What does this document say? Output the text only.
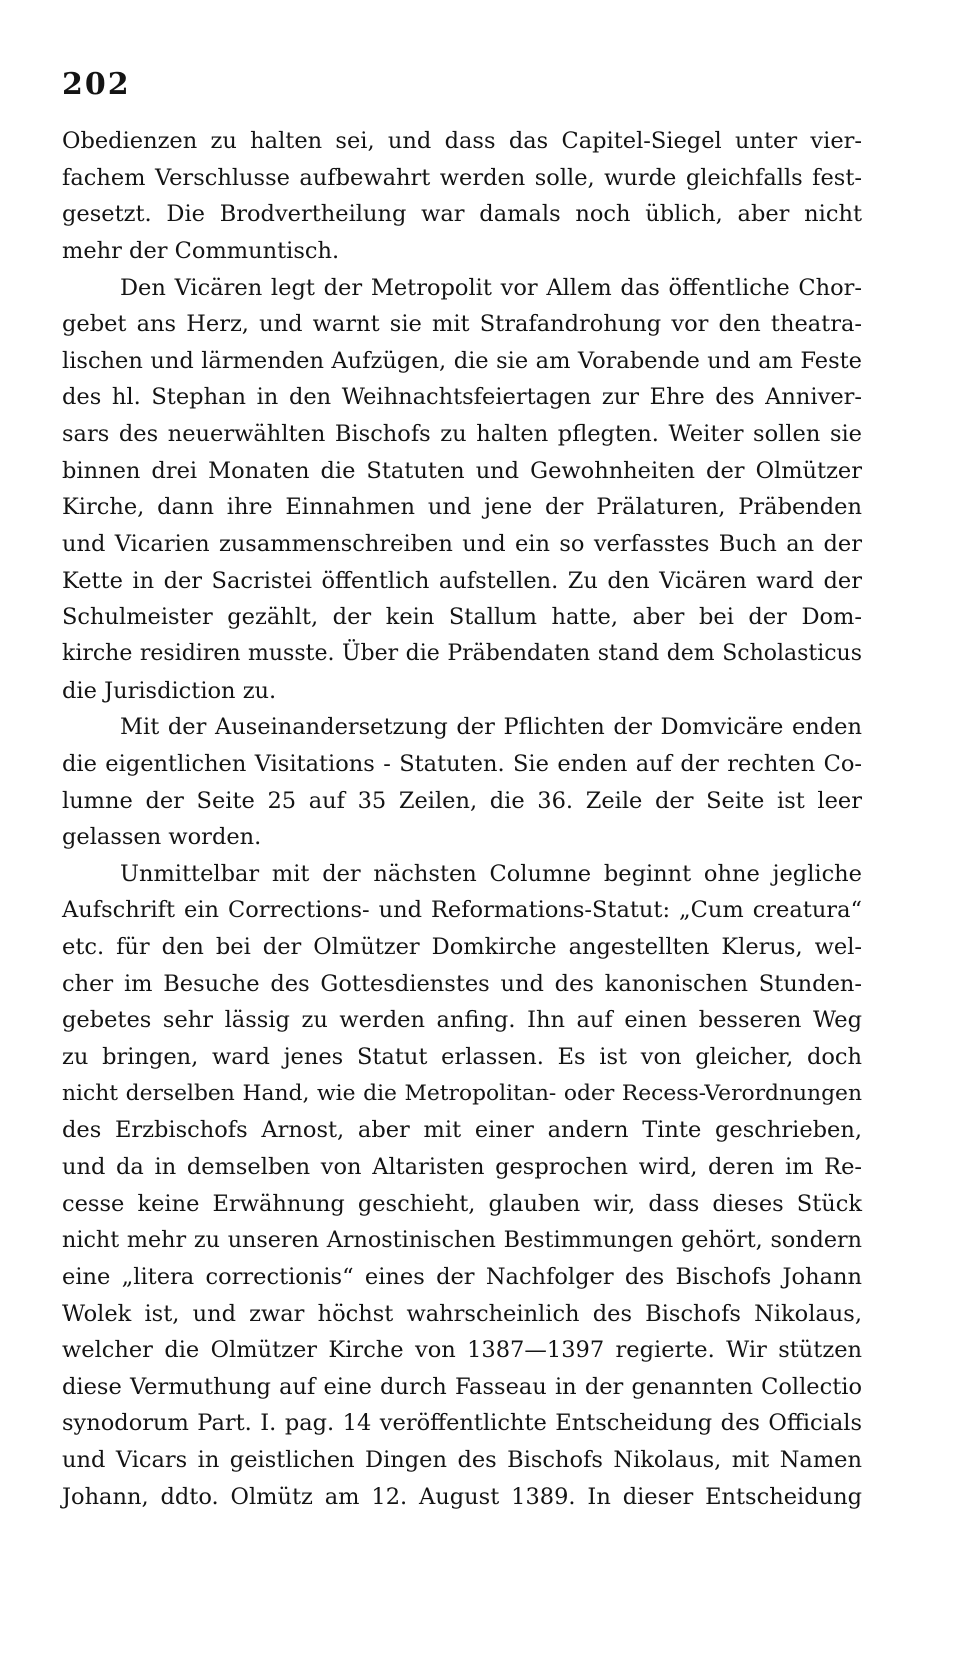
202
Obedienzen zu halten sei, und dass das Capitel-Siegel unter vier-
fachem Verschlusse aufbewahrt werden solle, wurde gleichfalls fest-
gesetzt. Die Brodvertheilung war damals noch üblich, aber nicht
mehr der Communtisch.
Den Vicären legt der Metropolit vor Allem das öffentliche Chor-
gebet ans Herz, und warnt sie mit Strafandrohung vor den theatra-
lischen und lärmenden Aufzügen, die sie am Vorabende und am Feste
des hl. Stephan in den Weihnachtsfeiertagen zur Ehre des Anniver-
sars des neuerwählten Bischofs zu halten pflegten. Weiter sollen sie
binnen drei Monaten die Statuten und Gewohnheiten der Olmützer
Kirche, dann ihre Einnahmen und jene der Prälaturen, Präbenden
und Vicarien zusammenschreiben und ein so verfasstes Buch an der
Kette in der Sacristei öffentlich aufstellen. Zu den Vicären ward der
Schulmeister gezählt, der kein Stallum hatte, aber bei der Dom-
kirche residiren musste. Über die Präbendaten stand dem Scholasticus
die Jurisdiction zu.
Mit der Auseinandersetzung der Pflichten der Domvicäre enden
die eigentlichen Visitations - Statuten. Sie enden auf der rechten Co-
lumne der Seite 25 auf 35 Zeilen, die 36. Zeile der Seite ist leer
gelassen worden.
Unmittelbar mit der nächsten Columne beginnt ohne jegliche
Aufschrift ein Corrections- und Reformations-Statut: „Cum creatura“
etc. für den bei der Olmützer Domkirche angestellten Klerus, wel-
cher im Besuche des Gottesdienstes und des kanonischen Stunden-
gebetes sehr lässig zu werden anfing. Ihn auf einen besseren Weg
zu bringen, ward jenes Statut erlassen. Es ist von gleicher, doch
nicht derselben Hand, wie die Metropolitan- oder Recess-Verordnungen
des Erzbischofs Arnost, aber mit einer andern Tinte geschrieben,
und da in demselben von Altaristen gesprochen wird, deren im Re-
cesse keine Erwähnung geschieht, glauben wir, dass dieses Stück
nicht mehr zu unseren Arnostinischen Bestimmungen gehört, sondern
eine „litera correctionis“ eines der Nachfolger des Bischofs Johann
Wolek ist, und zwar höchst wahrscheinlich des Bischofs Nikolaus,
welcher die Olmützer Kirche von 1387—1397 regierte. Wir stützen
diese Vermuthung auf eine durch Fasseau in der genannten Collectio
synodorum Part. I. pag. 14 veröffentlichte Entscheidung des Officials
und Vicars in geistlichen Dingen des Bischofs Nikolaus, mit Namen
Johann, ddto. Olmütz am 12. August 1389. In dieser Entscheidung
